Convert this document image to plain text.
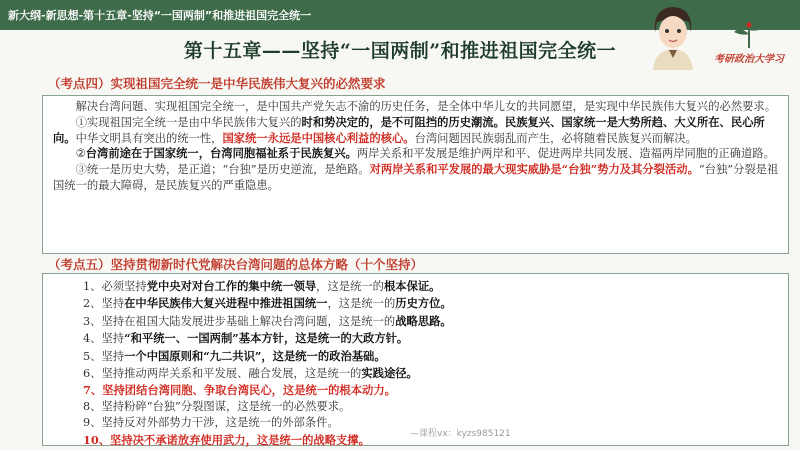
新大纲-新思想-第十五章-坚持“一国两制”和推进祖国完全统一
第十五章——坚持“一国两制”和推进祖国完全统一	考研政治大学习
（考点四）实现祖国完全统一是中华民族伟大复兴的必然要求
解决台湾问题、实现祖国完全统一，是中国共产党矢志不渝的历史任务，是全体中华儿女的共同愿望，是实现中华民族伟大复兴的必然要求。
①实现祖国完全统一是由中华民族伟大复兴的时和势决定的，是不可阻挡的历史潮流。民族复兴、国家统一是大势所趋、大义所在、民心所向。中华文明具有突出的统一性，国家统一永远是中国核心利益的核心。台湾问题因民族弱乱而产生，必将随着民族复兴而解决。
②台湾前途在于国家统一，台湾同胞福祉系于民族复兴。两岸关系和平发展是维护两岸和平、促进两岸共同发展、造福两岸同胞的正确道路。
③统一是历史大势，是正道；“台独”是历史逆流，是绝路。对两岸关系和平发展的最大现实威胁是“台独”势力及其分裂活动。“台独”分裂是祖国统一的最大障碍，是民族复兴的严重隐患。
（考点五）坚持贯彻新时代党解决台湾问题的总体方略（十个坚持）
1、必须坚持党中央对对台工作的集中统一领导，这是统一的根本保证。
2、坚持在中华民族伟大复兴进程中推进祖国统一，这是统一的历史方位。
3、坚持在祖国大陆发展进步基础上解决台湾问题，这是统一的战略思路。
4、坚持“和平统一、一国两制”基本方针，这是统一的大政方针。
5、坚持一个中国原则和“九二共识”，这是统一的政治基础。
6、坚持推动两岸关系和平发展、融合发展，这是统一的实践途径。
7、坚持团结台湾同胞、争取台湾民心，这是统一的根本动力。
8、坚持粉碎“台独”分裂图谋，这是统一的必然要求。
9、坚持反对外部势力干涉，这是统一的外部条件。
10、坚持决不承诺放弃使用武力，这是统一的战略支撑。	—课程vx：kyzs985121
